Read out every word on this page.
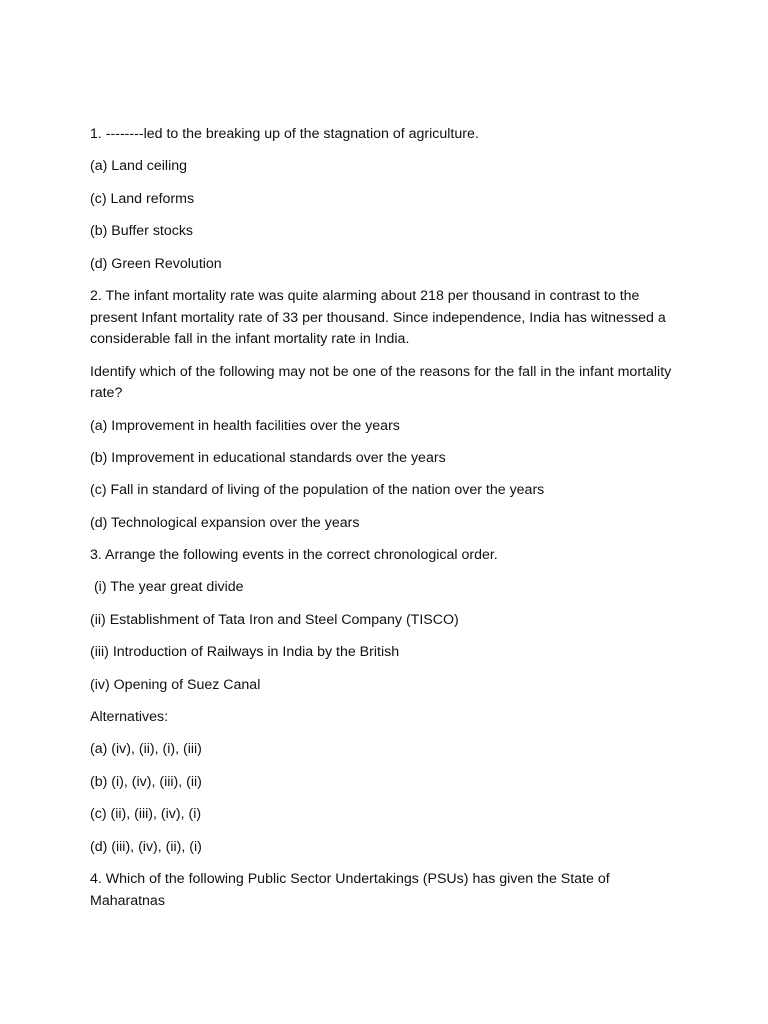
1. --------led to the breaking up of the stagnation of agriculture.

(a) Land ceiling

(c) Land reforms

(b) Buffer stocks

(d) Green Revolution

2. The infant mortality rate was quite alarming about 218 per thousand in contrast to the present Infant mortality rate of 33 per thousand. Since independence, India has witnessed a considerable fall in the infant mortality rate in India.

Identify which of the following may not be one of the reasons for the fall in the infant mortality rate?

(a) Improvement in health facilities over the years

(b) Improvement in educational standards over the years

(c) Fall in standard of living of the population of the nation over the years

(d) Technological expansion over the years

3. Arrange the following events in the correct chronological order.

(i) The year great divide

(ii) Establishment of Tata Iron and Steel Company (TISCO)

(iii) Introduction of Railways in India by the British

(iv) Opening of Suez Canal

Alternatives:

(a) (iv), (ii), (i), (iii)

(b) (i), (iv), (iii), (ii)

(c) (ii), (iii), (iv), (i)

(d) (iii), (iv), (ii), (i)

4. Which of the following Public Sector Undertakings (PSUs) has given the State of Maharatnas
